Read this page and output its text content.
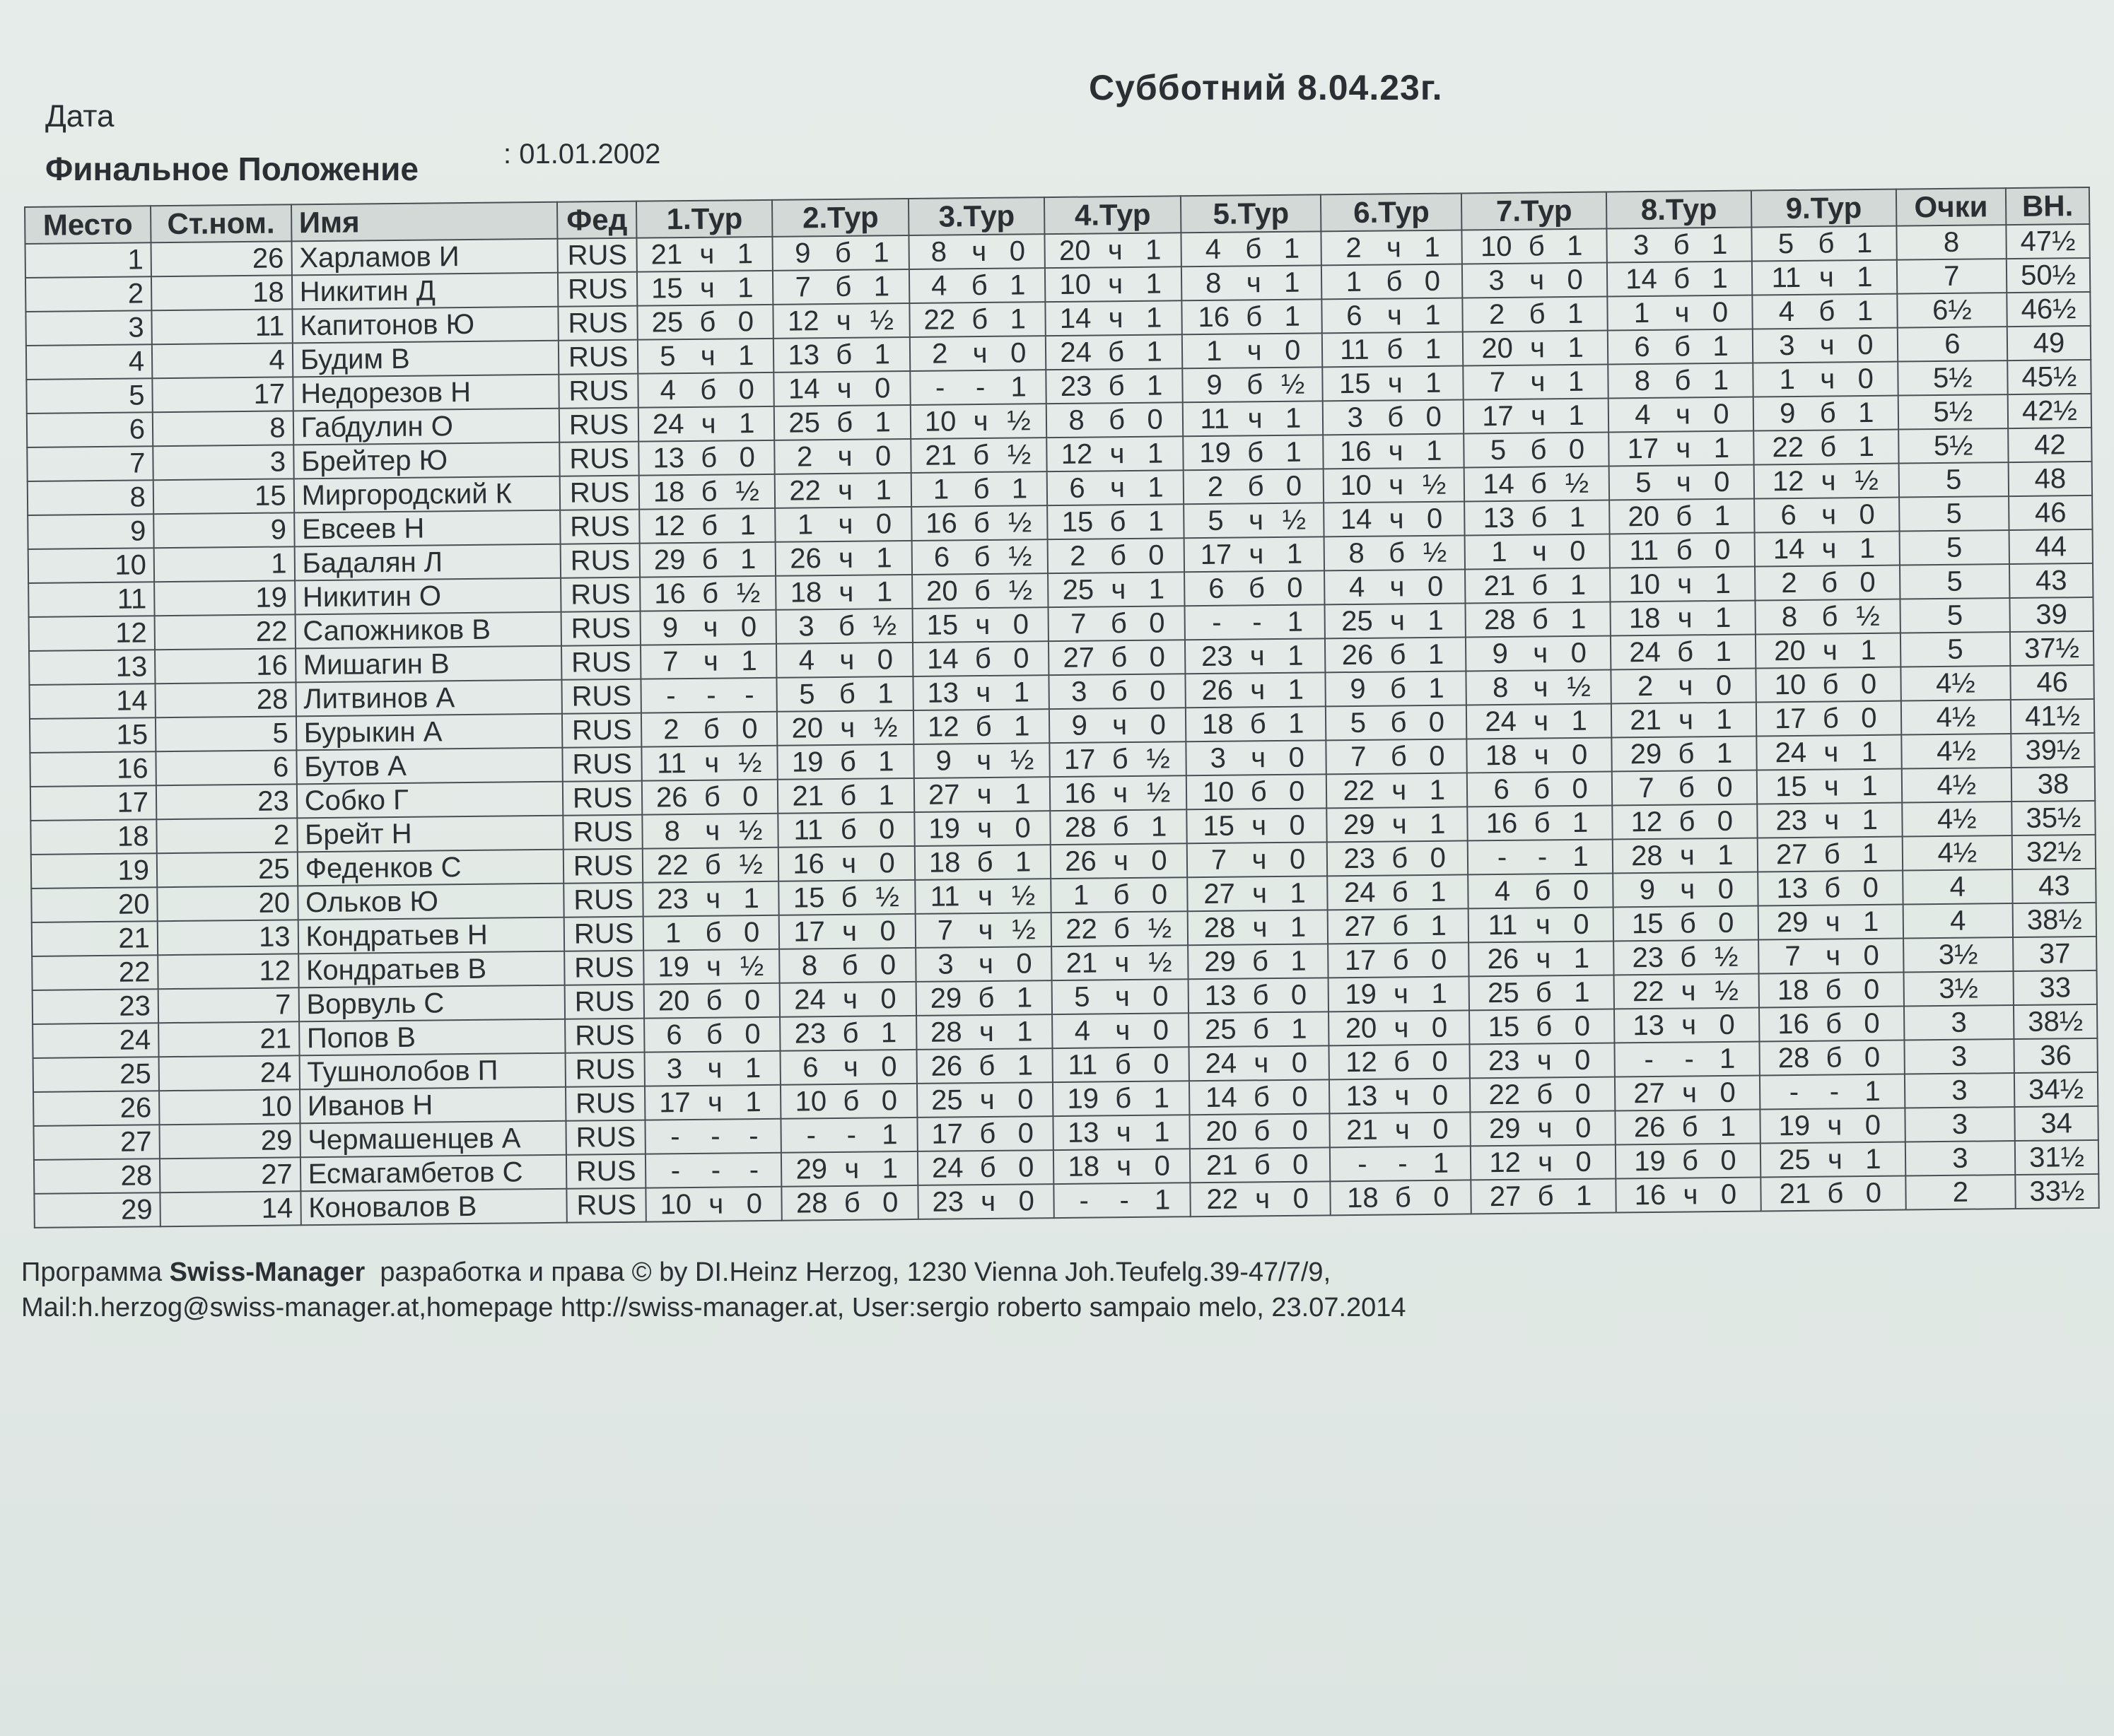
Субботний 8.04.23г.
Дата
: 01.01.2002
Финальное Положение
Место	Ст.ном.	Имя	Фед	1.Тур	2.Тур	3.Тур	4.Тур	5.Тур	6.Тур	7.Тур	8.Тур	9.Тур	Очки	ВН.
1	26	Харламов И	RUS	21 ч 1	9 б 1	8 ч 0	20 ч 1	4 б 1	2 ч 1	10 б 1	3 б 1	5 б 1	8	47½
2	18	Никитин Д	RUS	15 ч 1	7 б 1	4 б 1	10 ч 1	8 ч 1	1 б 0	3 ч 0	14 б 1	11 ч 1	7	50½
3	11	Капитонов Ю	RUS	25 б 0	12 ч ½	22 б 1	14 ч 1	16 б 1	6 ч 1	2 б 1	1 ч 0	4 б 1	6½	46½
4	4	Будим В	RUS	5 ч 1	13 б 1	2 ч 0	24 б 1	1 ч 0	11 б 1	20 ч 1	6 б 1	3 ч 0	6	49
5	17	Недорезов Н	RUS	4 б 0	14 ч 0	- - 1	23 б 1	9 б ½	15 ч 1	7 ч 1	8 б 1	1 ч 0	5½	45½
6	8	Габдулин О	RUS	24 ч 1	25 б 1	10 ч ½	8 б 0	11 ч 1	3 б 0	17 ч 1	4 ч 0	9 б 1	5½	42½
7	3	Брейтер Ю	RUS	13 б 0	2 ч 0	21 б ½	12 ч 1	19 б 1	16 ч 1	5 б 0	17 ч 1	22 б 1	5½	42
8	15	Миргородский К	RUS	18 б ½	22 ч 1	1 б 1	6 ч 1	2 б 0	10 ч ½	14 б ½	5 ч 0	12 ч ½	5	48
9	9	Евсеев Н	RUS	12 б 1	1 ч 0	16 б ½	15 б 1	5 ч ½	14 ч 0	13 б 1	20 б 1	6 ч 0	5	46
10	1	Бадалян Л	RUS	29 б 1	26 ч 1	6 б ½	2 б 0	17 ч 1	8 б ½	1 ч 0	11 б 0	14 ч 1	5	44
11	19	Никитин О	RUS	16 б ½	18 ч 1	20 б ½	25 ч 1	6 б 0	4 ч 0	21 б 1	10 ч 1	2 б 0	5	43
12	22	Сапожников В	RUS	9 ч 0	3 б ½	15 ч 0	7 б 0	- - 1	25 ч 1	28 б 1	18 ч 1	8 б ½	5	39
13	16	Мишагин В	RUS	7 ч 1	4 ч 0	14 б 0	27 б 0	23 ч 1	26 б 1	9 ч 0	24 б 1	20 ч 1	5	37½
14	28	Литвинов А	RUS	- - -	5 б 1	13 ч 1	3 б 0	26 ч 1	9 б 1	8 ч ½	2 ч 0	10 б 0	4½	46
15	5	Бурыкин А	RUS	2 б 0	20 ч ½	12 б 1	9 ч 0	18 б 1	5 б 0	24 ч 1	21 ч 1	17 б 0	4½	41½
16	6	Бутов А	RUS	11 ч ½	19 б 1	9 ч ½	17 б ½	3 ч 0	7 б 0	18 ч 0	29 б 1	24 ч 1	4½	39½
17	23	Собко Г	RUS	26 б 0	21 б 1	27 ч 1	16 ч ½	10 б 0	22 ч 1	6 б 0	7 б 0	15 ч 1	4½	38
18	2	Брейт Н	RUS	8 ч ½	11 б 0	19 ч 0	28 б 1	15 ч 0	29 ч 1	16 б 1	12 б 0	23 ч 1	4½	35½
19	25	Феденков С	RUS	22 б ½	16 ч 0	18 б 1	26 ч 0	7 ч 0	23 б 0	- - 1	28 ч 1	27 б 1	4½	32½
20	20	Ольков Ю	RUS	23 ч 1	15 б ½	11 ч ½	1 б 0	27 ч 1	24 б 1	4 б 0	9 ч 0	13 б 0	4	43
21	13	Кондратьев Н	RUS	1 б 0	17 ч 0	7 ч ½	22 б ½	28 ч 1	27 б 1	11 ч 0	15 б 0	29 ч 1	4	38½
22	12	Кондратьев В	RUS	19 ч ½	8 б 0	3 ч 0	21 ч ½	29 б 1	17 б 0	26 ч 1	23 б ½	7 ч 0	3½	37
23	7	Ворвуль С	RUS	20 б 0	24 ч 0	29 б 1	5 ч 0	13 б 0	19 ч 1	25 б 1	22 ч ½	18 б 0	3½	33
24	21	Попов В	RUS	6 б 0	23 б 1	28 ч 1	4 ч 0	25 б 1	20 ч 0	15 б 0	13 ч 0	16 б 0	3	38½
25	24	Тушнолобов П	RUS	3 ч 1	6 ч 0	26 б 1	11 б 0	24 ч 0	12 б 0	23 ч 0	- - 1	28 б 0	3	36
26	10	Иванов Н	RUS	17 ч 1	10 б 0	25 ч 0	19 б 1	14 б 0	13 ч 0	22 б 0	27 ч 0	- - 1	3	34½
27	29	Чермашенцев А	RUS	- - -	- - 1	17 б 0	13 ч 1	20 б 0	21 ч 0	29 ч 0	26 б 1	19 ч 0	3	34
28	27	Есмагамбетов С	RUS	- - -	29 ч 1	24 б 0	18 ч 0	21 б 0	- - 1	12 ч 0	19 б 0	25 ч 1	3	31½
29	14	Коновалов В	RUS	10 ч 0	28 б 0	23 ч 0	- - 1	22 ч 0	18 б 0	27 б 1	16 ч 0	21 б 0	2	33½
Программа Swiss-Manager  разработка и права © by DI.Heinz Herzog, 1230 Vienna Joh.Teufelg.39-47/7/9,
Mail:h.herzog@swiss-manager.at,homepage http://swiss-manager.at, User:sergio roberto sampaio melo, 23.07.2014
